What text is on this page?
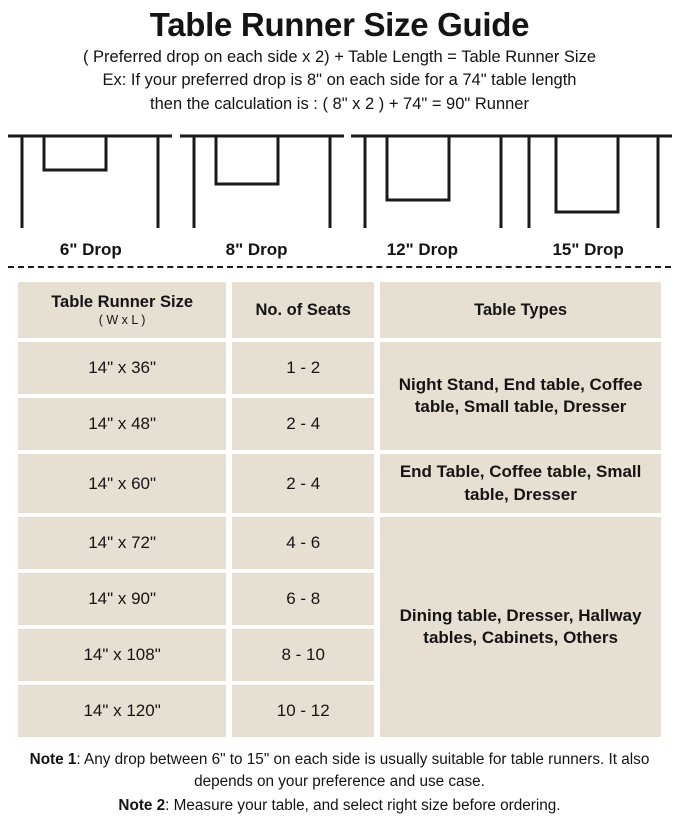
Table Runner Size Guide
( Preferred drop on each side x 2) + Table Length = Table Runner Size
Ex: If your preferred drop is 8" on each side for a 74" table length
then the calculation is : ( 8" x 2 ) + 74" = 90" Runner
6" Drop	8" Drop	12" Drop	15" Drop
Table Runner Size
( W x L )	No. of Seats	Table Types
14" x 36"	1 - 2	Night Stand, End table, Coffee table, Small table, Dresser
14" x 48"	2 - 4	
14" x 60"	2 - 4	End Table, Coffee table, Small table, Dresser
14" x 72"	4 - 6	Dining table, Dresser, Hallway tables, Cabinets, Others
14" x 90"	6 - 8	
14" x 108"	8 - 10	
14" x 120"	10 - 12	

Note 1: Any drop between 6" to 15" on each side is usually suitable for table runners. It also depends on your preference and use case.

Note 2: Measure your table, and select right size before ordering.
